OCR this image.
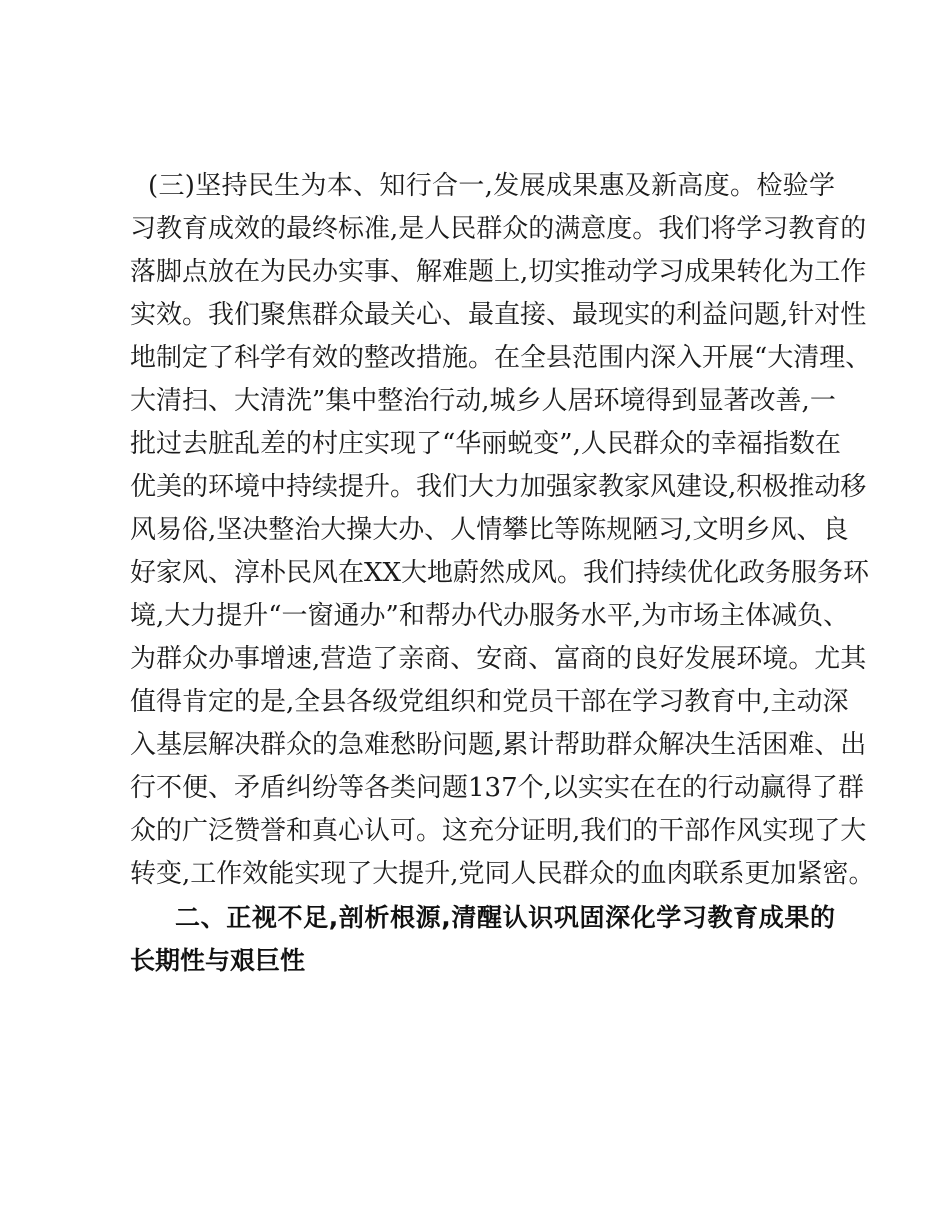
(三)坚持民生为本、知行合一,发展成果惠及新高度。检验学
习教育成效的最终标准,是人民群众的满意度。我们将学习教育的
落脚点放在为民办实事、解难题上,切实推动学习成果转化为工作
实效。我们聚焦群众最关心、最直接、最现实的利益问题,针对性
地制定了科学有效的整改措施。在全县范围内深入开展“大清理、
大清扫、大清洗”集中整治行动,城乡人居环境得到显著改善,一
批过去脏乱差的村庄实现了“华丽蜕变”,人民群众的幸福指数在
优美的环境中持续提升。我们大力加强家教家风建设,积极推动移
风易俗,坚决整治大操大办、人情攀比等陈规陋习,文明乡风、良
好家风、淳朴民风在XX大地蔚然成风。我们持续优化政务服务环
境,大力提升“一窗通办”和帮办代办服务水平,为市场主体减负、
为群众办事增速,营造了亲商、安商、富商的良好发展环境。尤其
值得肯定的是,全县各级党组织和党员干部在学习教育中,主动深
入基层解决群众的急难愁盼问题,累计帮助群众解决生活困难、出
行不便、矛盾纠纷等各类问题137个,以实实在在的行动赢得了群
众的广泛赞誉和真心认可。这充分证明,我们的干部作风实现了大
转变,工作效能实现了大提升,党同人民群众的血肉联系更加紧密。
二、正视不足,剖析根源,清醒认识巩固深化学习教育成果的
长期性与艰巨性
